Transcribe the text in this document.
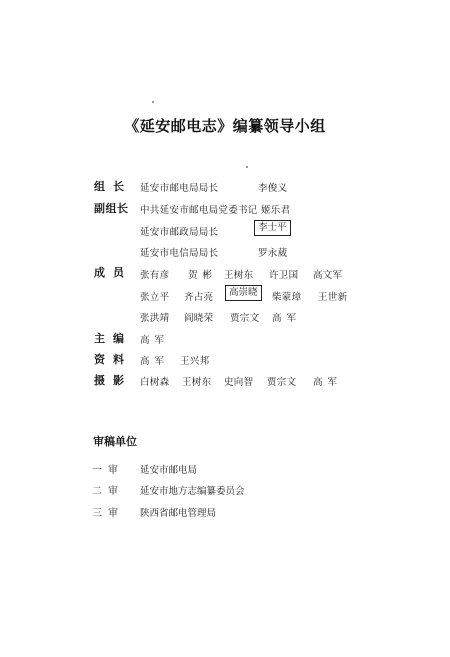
《延安邮电志》编纂领导小组
组长 延安市邮电局局长	李俊义
副组长 中共延安市邮电局党委书记 姬乐君
延安市邮政局局长	李士平
延安市电信局局长	罗永葳
成员 张有彦 贺彬 王树东 许卫国 高文军
张立平 齐占亮	高崇晓	柴蒙璋 王世新
张洪靖 阎晓荣 贾宗文 高军
主编 高军
资料 高军 王兴邦
摄影 白树森 王树东 史向智 贾宗文 高军
审稿单位
一审 延安市邮电局
二审 延安市地方志编纂委员会
三审 陕西省邮电管理局
